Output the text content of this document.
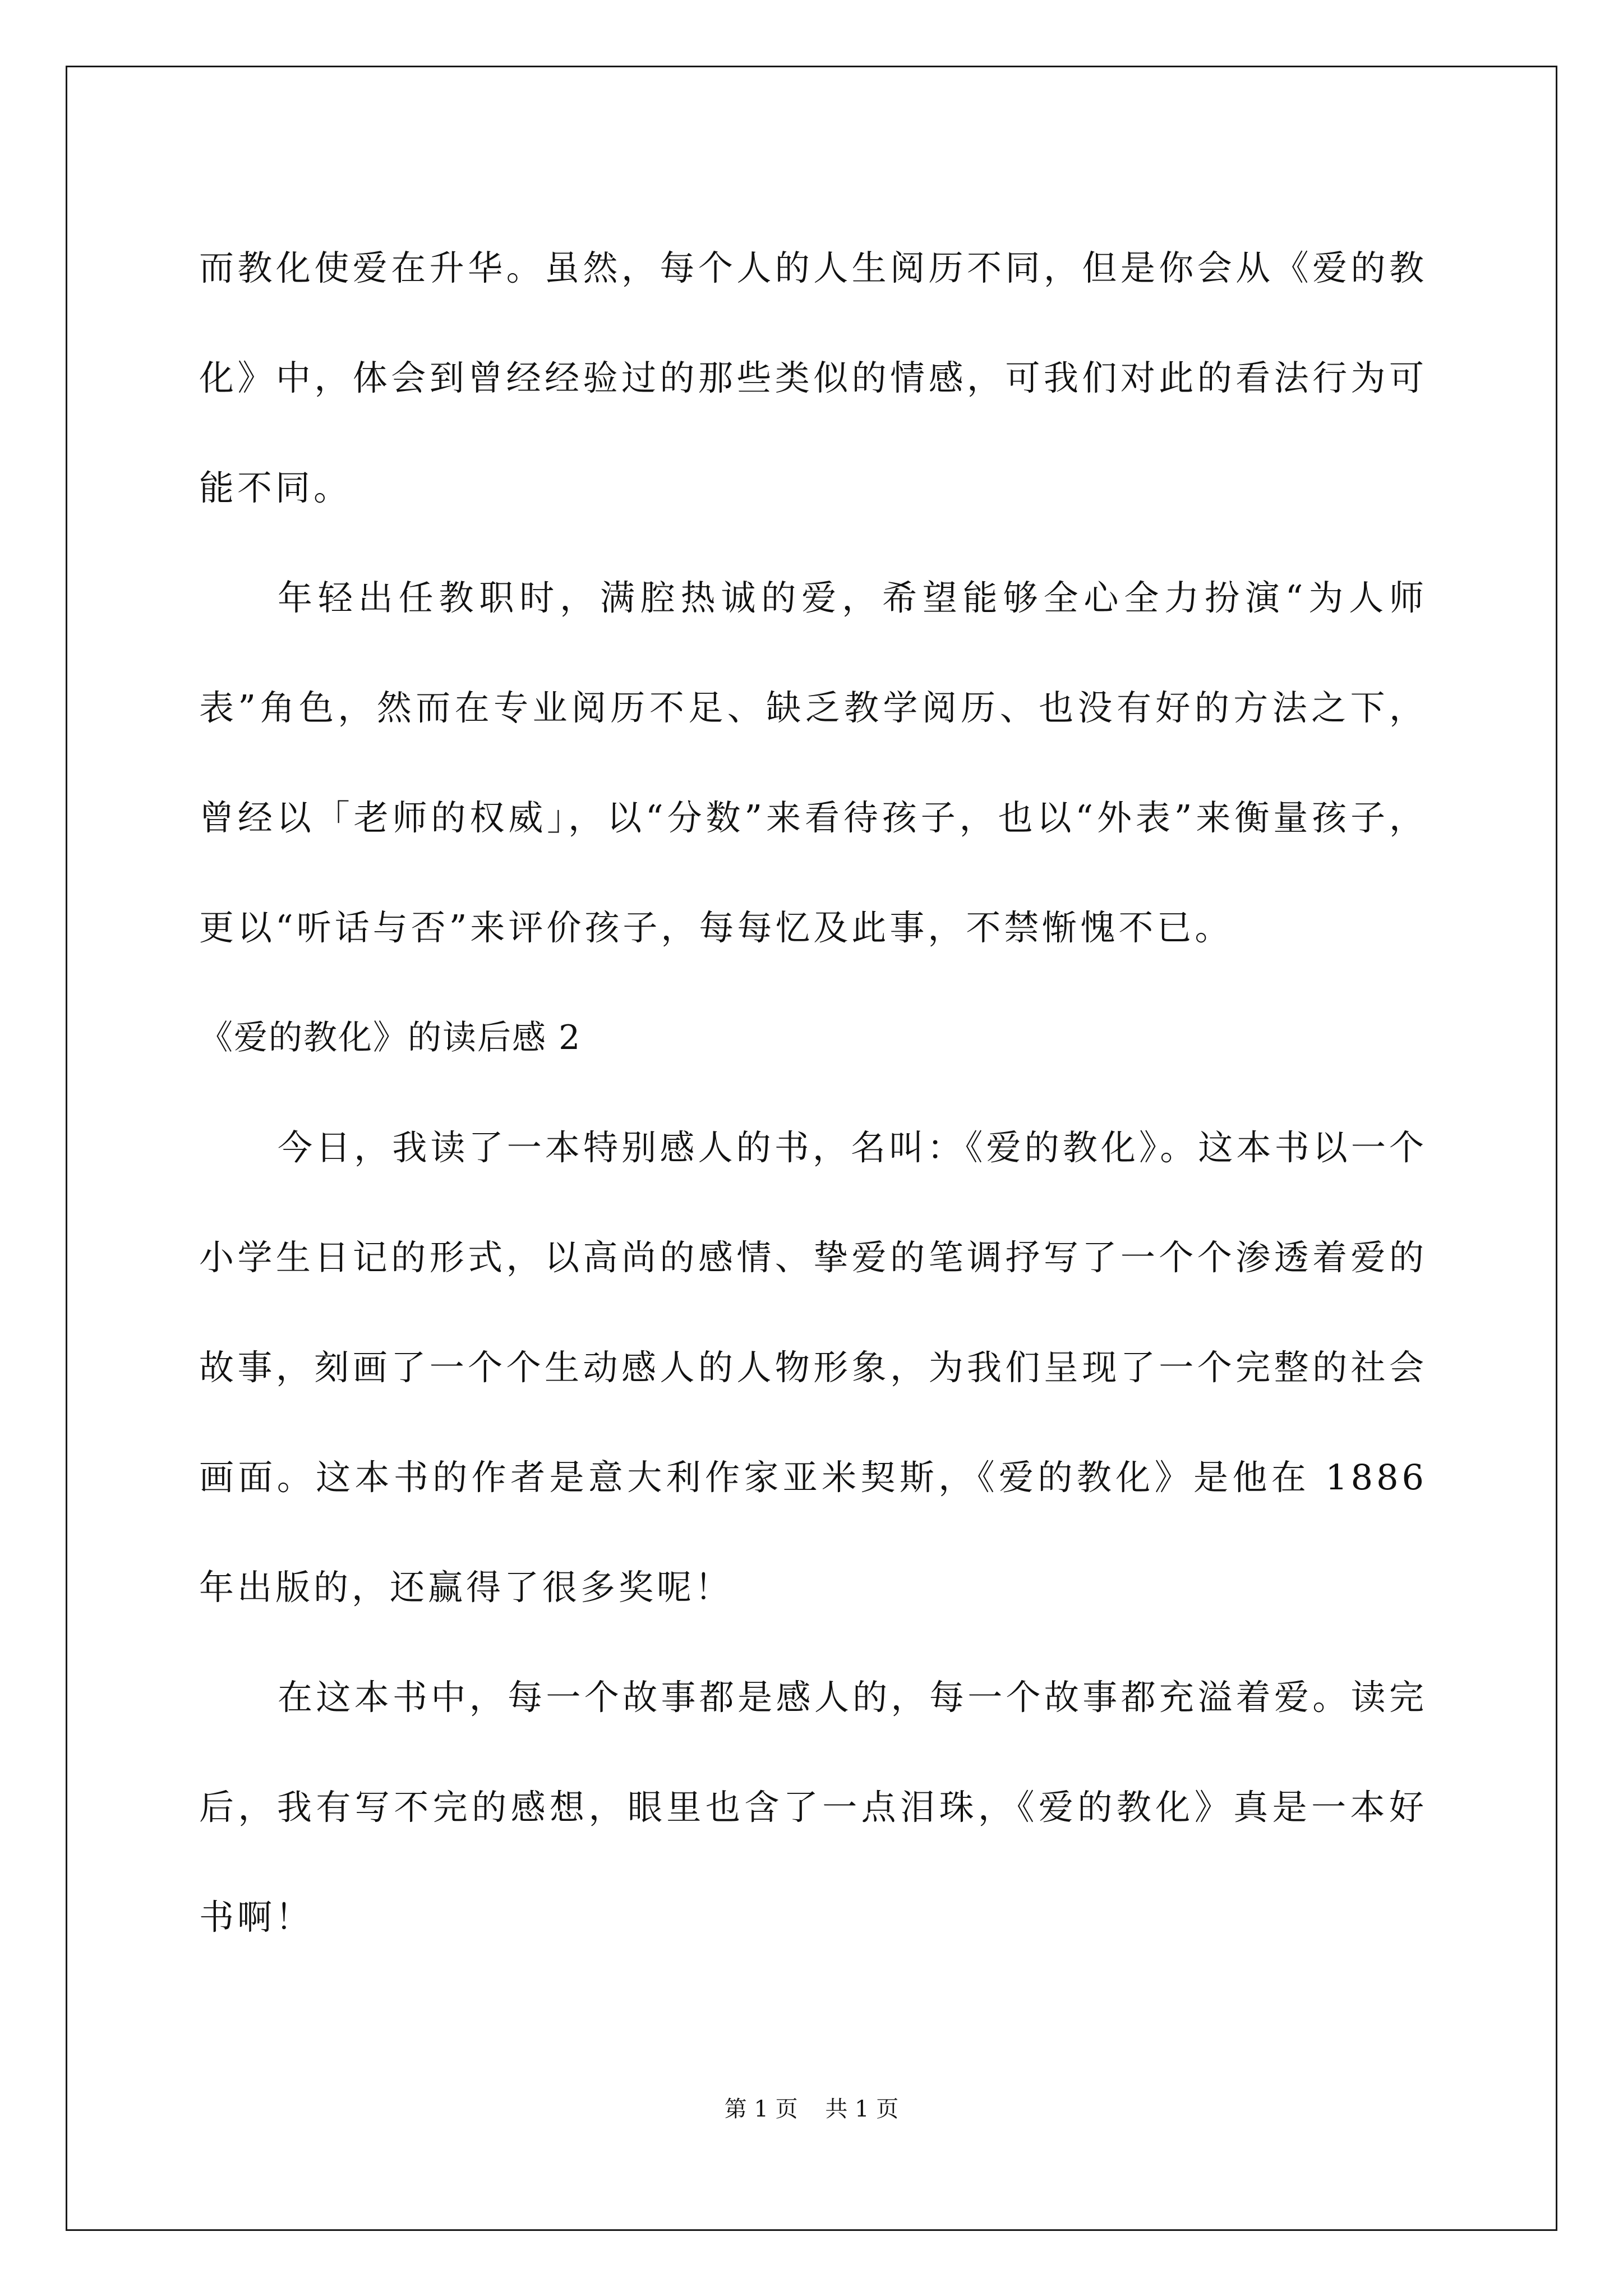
而教化使爱在升华。虽然，每个人的人生阅历不同，但是你会从《爱的教化》中，体会到曾经经验过的那些类似的情感，可我们对此的看法行为可能不同。

年轻出任教职时，满腔热诚的爱，希望能够全心全力扮演“为人师表”角色，然而在专业阅历不足、缺乏教学阅历、也没有好的方法之下，曾经以「老师的权威」，以“分数”来看待孩子，也以“外表”来衡量孩子，更以“听话与否”来评价孩子，每每忆及此事，不禁惭愧不已。

《爱的教化》的读后感 2

今日，我读了一本特别感人的书，名叫：《爱的教化》。这本书以一个小学生日记的形式，以高尚的感情、挚爱的笔调抒写了一个个渗透着爱的故事，刻画了一个个生动感人的人物形象，为我们呈现了一个完整的社会画面。这本书的作者是意大利作家亚米契斯，《爱的教化》是他在 1886 年出版的，还赢得了很多奖呢！

在这本书中，每一个故事都是感人的，每一个故事都充溢着爱。读完后，我有写不完的感想，眼里也含了一点泪珠，《爱的教化》真是一本好书啊！

第 1 页 共 1 页
